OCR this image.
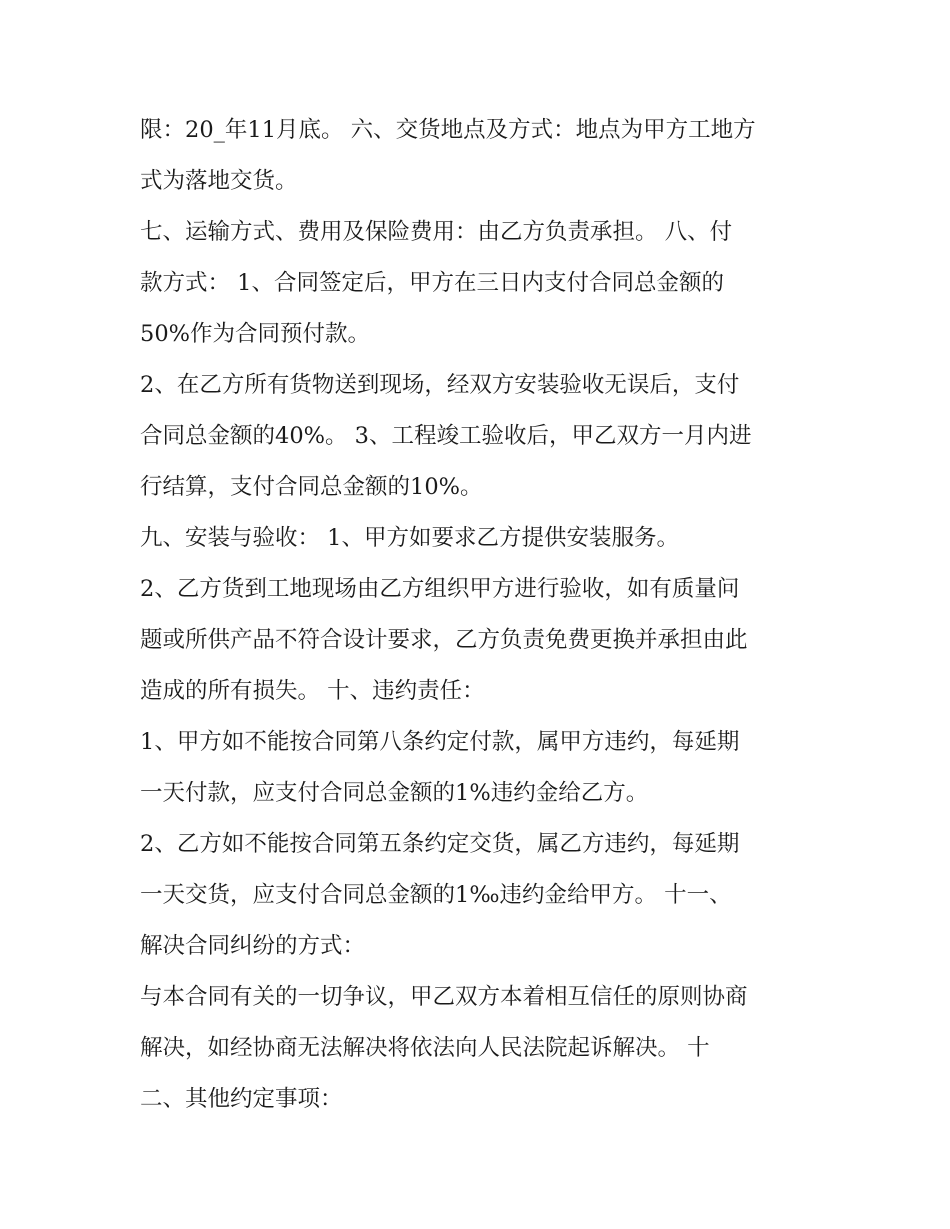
限：20_年11月底。 六、交货地点及方式：地点为甲方工地方
式为落地交货。
七、运输方式、费用及保险费用：由乙方负责承担。 八、付
款方式： 1、合同签定后，甲方在三日内支付合同总金额的
50%作为合同预付款。
2、在乙方所有货物送到现场，经双方安装验收无误后，支付
合同总金额的40%。 3、工程竣工验收后，甲乙双方一月内进
行结算，支付合同总金额的10%。
九、安装与验收： 1、甲方如要求乙方提供安装服务。
2、乙方货到工地现场由乙方组织甲方进行验收，如有质量问
题或所供产品不符合设计要求，乙方负责免费更换并承担由此
造成的所有损失。 十、违约责任：
1、甲方如不能按合同第八条约定付款，属甲方违约，每延期
一天付款，应支付合同总金额的1%违约金给乙方。
2、乙方如不能按合同第五条约定交货，属乙方违约，每延期
一天交货，应支付合同总金额的1‰违约金给甲方。 十一、
解决合同纠纷的方式：
与本合同有关的一切争议，甲乙双方本着相互信任的原则协商
解决，如经协商无法解决将依法向人民法院起诉解决。 十
二、其他约定事项：
